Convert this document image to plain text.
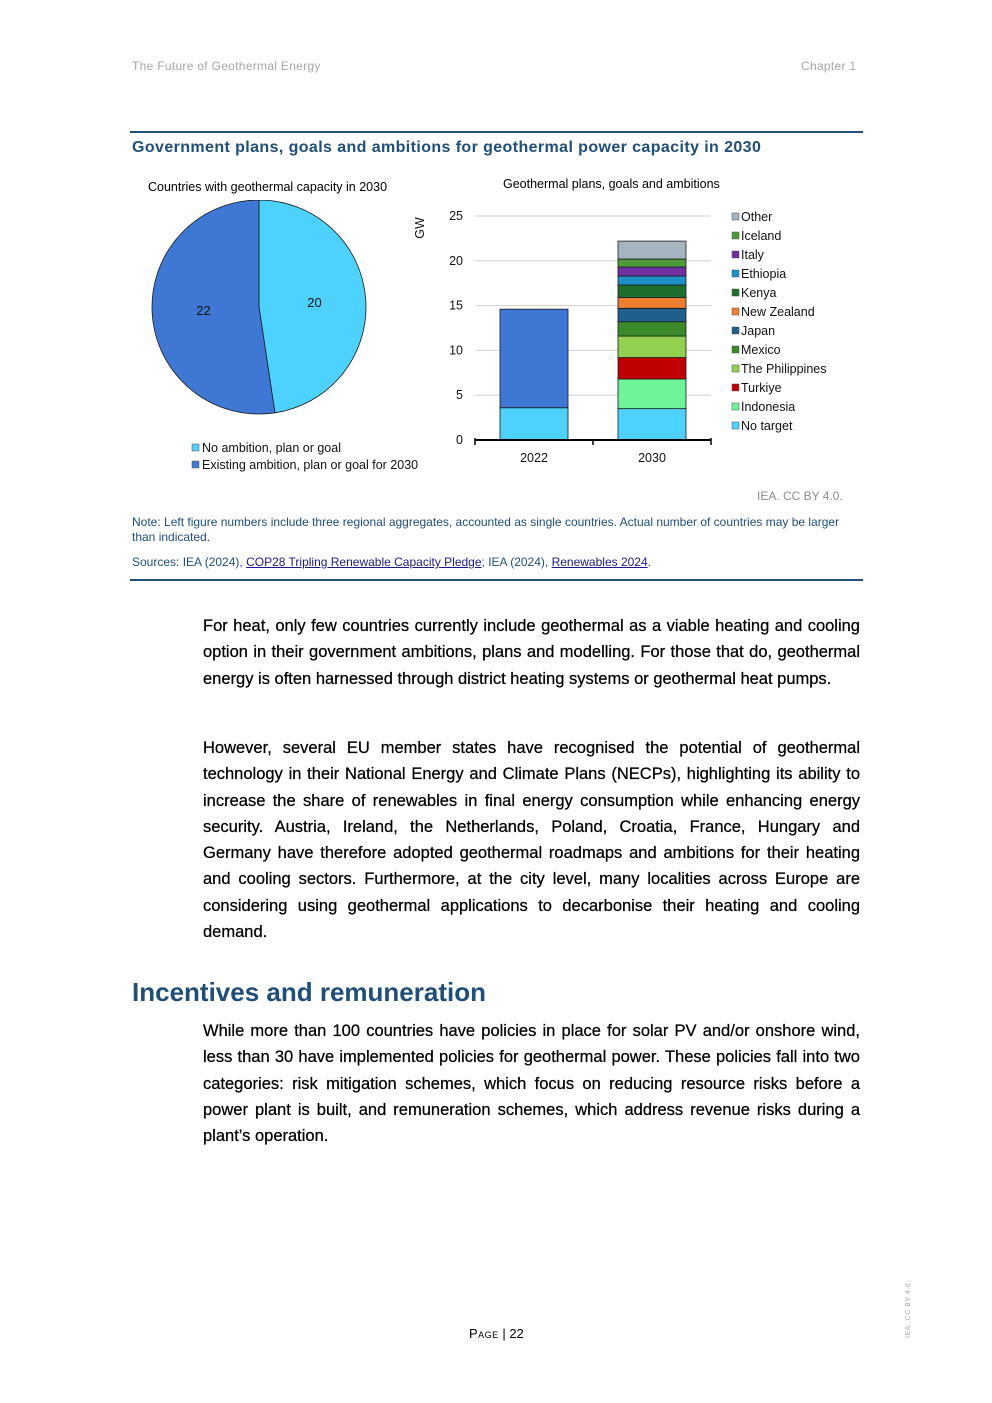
The Future of Geothermal Energy	Chapter 1
Government plans, goals and ambitions for geothermal power capacity in 2030
Countries with geothermal capacity in 2030
20
22
No ambition, plan or goal
Existing ambition, plan or goal for 2030
Geothermal plans, goals and ambitions
0
5
10
15
20
25
GW
2022	2030
Other
Iceland
Italy
Ethiopia
Kenya
New Zealand
Japan
Mexico
The Philippines
Turkiye
Indonesia
No target
IEA. CC BY 4.0.
Note: Left figure numbers include three regional aggregates, accounted as single countries. Actual number of countries may be larger than indicated.
Sources: IEA (2024), COP28 Tripling Renewable Capacity Pledge; IEA (2024), Renewables 2024.
For heat, only few countries currently include geothermal as a viable heating and cooling option in their government ambitions, plans and modelling. For those that do, geothermal energy is often harnessed through district heating systems or geothermal heat pumps.
However, several EU member states have recognised the potential of geothermal technology in their National Energy and Climate Plans (NECPs), highlighting its ability to increase the share of renewables in final energy consumption while enhancing energy security. Austria, Ireland, the Netherlands, Poland, Croatia, France, Hungary and Germany have therefore adopted geothermal roadmaps and ambitions for their heating and cooling sectors. Furthermore, at the city level, many localities across Europe are considering using geothermal applications to decarbonise their heating and cooling demand.
Incentives and remuneration
While more than 100 countries have policies in place for solar PV and/or onshore wind, less than 30 have implemented policies for geothermal power. These policies fall into two categories: risk mitigation schemes, which focus on reducing resource risks before a power plant is built, and remuneration schemes, which address revenue risks during a plant’s operation.
Page | 22	IEA. CC BY 4.0.
